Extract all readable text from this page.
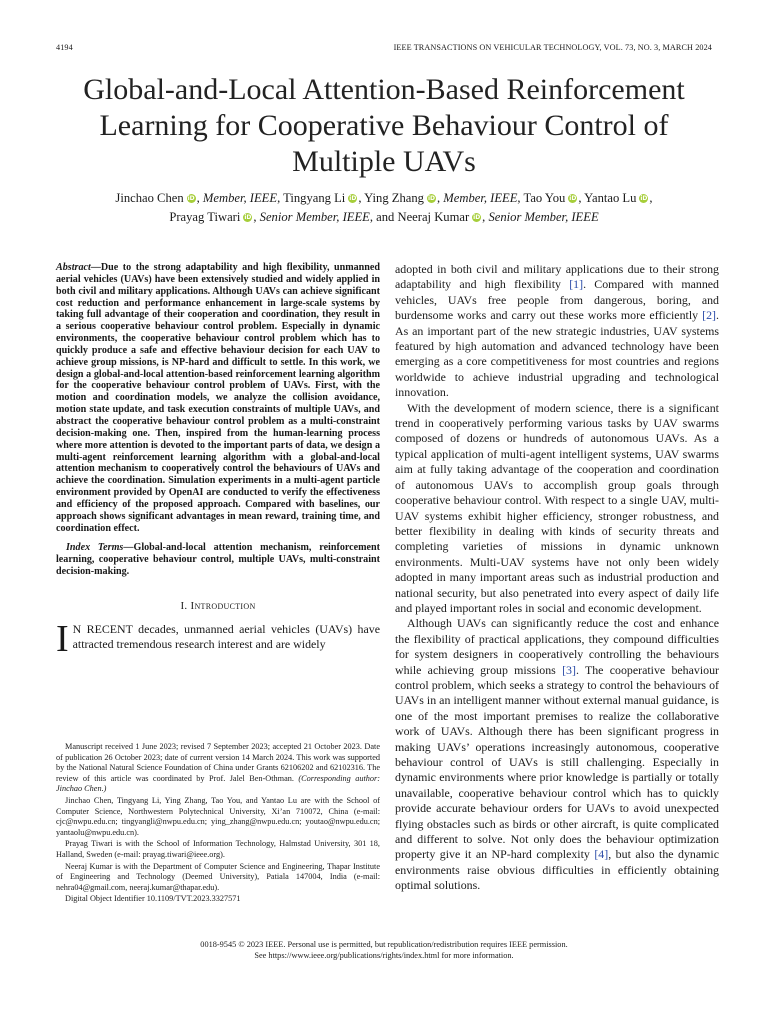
4194	IEEE TRANSACTIONS ON VEHICULAR TECHNOLOGY, VOL. 73, NO. 3, MARCH 2024
Global-and-Local Attention-Based Reinforcement
Learning for Cooperative Behaviour Control of
Multiple UAVs
Jinchao Chen iD , Member, IEEE, Tingyang Li iD , Ying Zhang iD , Member, IEEE, Tao You iD , Yantao Lu iD ,
Prayag Tiwari iD , Senior Member, IEEE, and Neeraj Kumar iD , Senior Member, IEEE

Abstract—Due to the strong adaptability and high flexibility, unmanned aerial vehicles (UAVs) have been extensively studied and widely applied in both civil and military applications. Although UAVs can achieve significant cost reduction and performance enhancement in large-scale systems by taking full advantage of their cooperation and coordination, they result in a serious cooperative behaviour control problem. Especially in dynamic environments, the cooperative behaviour control problem which has to quickly produce a safe and effective behaviour decision for each UAV to achieve group missions, is NP-hard and difficult to settle. In this work, we design a global-and-local attention-based reinforcement learning algorithm for the cooperative behaviour control problem of UAVs. First, with the motion and coordination models, we analyze the collision avoidance, motion state update, and task execution constraints of multiple UAVs, and abstract the cooperative behaviour control problem as a multi-constraint decision-making one. Then, inspired from the human-learning process where more attention is devoted to the important parts of data, we design a multi-agent reinforcement learning algorithm with a global-and-local attention mechanism to cooperatively control the behaviours of UAVs and achieve the coordination. Simulation experiments in a multi-agent particle environment provided by OpenAI are conducted to verify the effectiveness and efficiency of the proposed approach. Compared with baselines, our approach shows significant advantages in mean reward, training time, and coordination effect.

Index Terms—Global-and-local attention mechanism, reinforcement learning, cooperative behaviour control, multiple UAVs, multi-constraint decision-making.

I. Introduction

I N RECENT decades, unmanned aerial vehicles (UAVs) have attracted tremendous research interest and are widely

Manuscript received 1 June 2023; revised 7 September 2023; accepted 21 October 2023. Date of publication 26 October 2023; date of current version 14 March 2024. This work was supported by the National Natural Science Foundation of China under Grants 62106202 and 62102316. The review of this article was coordinated by Prof. Jalel Ben-Othman. (Corresponding author: Jinchao Chen.)

Jinchao Chen, Tingyang Li, Ying Zhang, Tao You, and Yantao Lu are with the School of Computer Science, Northwestern Polytechnical University, Xi’an 710072, China (e-mail: cjc@nwpu.edu.cn; tingyangli@nwpu.edu.cn; ying_zhang@nwpu.edu.cn; youtao@nwpu.edu.cn; yantaolu@nwpu.edu.cn).

Prayag Tiwari is with the School of Information Technology, Halmstad University, 301 18, Halland, Sweden (e-mail: prayag.tiwari@ieee.org).

Neeraj Kumar is with the Department of Computer Science and Engineering, Thapar Institute of Engineering and Technology (Deemed University), Patiala 147004, India (e-mail: nehra04@gmail.com, neeraj.kumar@thapar.edu).

Digital Object Identifier 10.1109/TVT.2023.3327571

adopted in both civil and military applications due to their strong adaptability and high flexibility [1]. Compared with manned vehicles, UAVs free people from dangerous, boring, and burdensome works and carry out these works more efficiently [2]. As an important part of the new strategic industries, UAV systems featured by high automation and advanced technology have been emerging as a core competitiveness for most countries and regions worldwide to achieve industrial upgrading and technological innovation.

With the development of modern science, there is a significant trend in cooperatively performing various tasks by UAV swarms composed of dozens or hundreds of autonomous UAVs. As a typical application of multi-agent intelligent systems, UAV swarms aim at fully taking advantage of the cooperation and coordination of autonomous UAVs to accomplish group goals through cooperative behaviour control. With respect to a single UAV, multi-UAV systems exhibit higher efficiency, stronger robustness, and better flexibility in dealing with kinds of security threats and completing varieties of missions in dynamic unknown environments. Multi-UAV systems have not only been widely adopted in many important areas such as industrial production and national security, but also penetrated into every aspect of daily life and played important roles in social and economic development.

Although UAVs can significantly reduce the cost and enhance the flexibility of practical applications, they compound difficulties for system designers in cooperatively controlling the behaviours while achieving group missions [3]. The cooperative behaviour control problem, which seeks a strategy to control the behaviours of UAVs in an intelligent manner without external manual guidance, is one of the most important premises to realize the collaborative work of UAVs. Although there has been significant progress in making UAVs’ operations increasingly autonomous, cooperative behaviour control of UAVs is still challenging. Especially in dynamic environments where prior knowledge is partially or totally unavailable, cooperative behaviour control which has to quickly provide accurate behaviour orders for UAVs to avoid unexpected flying obstacles such as birds or other aircraft, is quite complicated and different to solve. Not only does the behaviour optimization property give it an NP-hard complexity [4], but also the dynamic environments raise obvious difficulties in efficiently obtaining optimal solutions.

0018-9545 © 2023 IEEE. Personal use is permitted, but republication/redistribution requires IEEE permission.
See https://www.ieee.org/publications/rights/index.html for more information.
